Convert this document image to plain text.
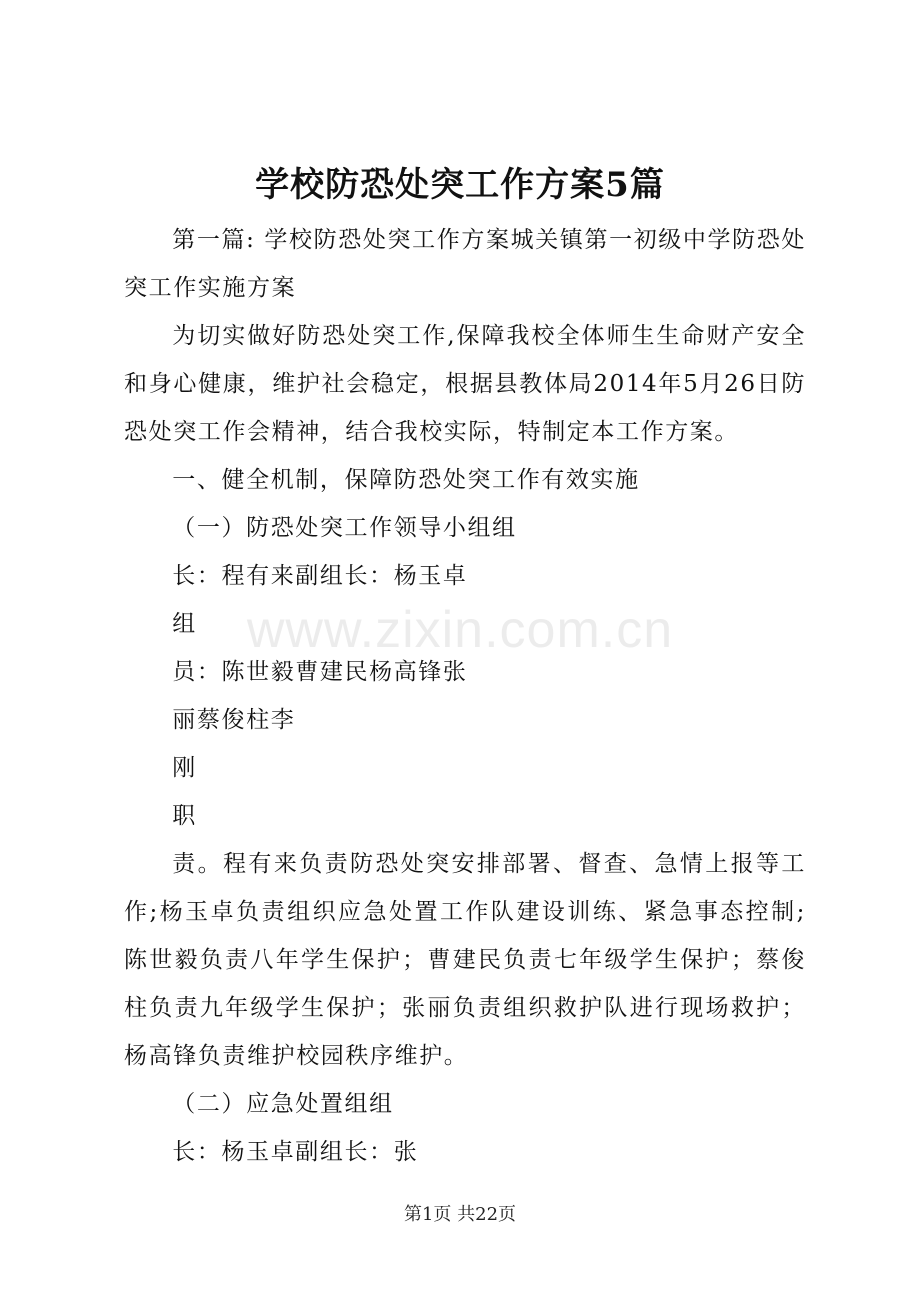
学校防恐处突工作方案5篇

第一篇: 学校防恐处突工作方案城关镇第一初级中学防恐处突工作实施方案

为切实做好防恐处突工作,保障我校全体师生生命财产安全和身心健康，维护社会稳定，根据县教体局2014年5月26日防恐处突工作会精神，结合我校实际，特制定本工作方案。

一、健全机制，保障防恐处突工作有效实施

（一）防恐处突工作领导小组组

长：程有来副组长：杨玉卓

组

员：陈世毅曹建民杨高锋张

丽蔡俊柱李

刚

职

责。程有来负责防恐处突安排部署、督查、急情上报等工作;杨玉卓负责组织应急处置工作队建设训练、紧急事态控制;陈世毅负责八年学生保护；曹建民负责七年级学生保护；蔡俊柱负责九年级学生保护；张丽负责组织救护队进行现场救护；杨高锋负责维护校园秩序维护。

（二）应急处置组组

长：杨玉卓副组长：张

www.zixin.com.cn
第1页 共22页
